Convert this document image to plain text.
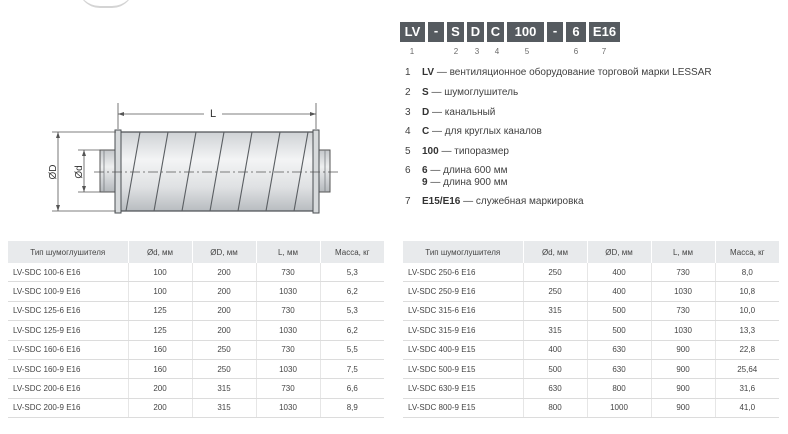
LV	- S D C	100	-	6	E16
1	2	3	4	5	6	7
1	LV — вентиляционное оборудование торговой марки LESSAR
2	S — шумоглушитель
3	D — канальный
4	C — для круглых каналов
5	100 — типоразмер
6	6 — длина 600 мм
9 — длина 900 мм
7	E15/E16 — служебная маркировка
L
ØD Ød
Тип шумоглушителя	Ød, мм	ØD, мм	L, мм	Масса, кг
LV-SDC 100-6 E16	100	200	730	5,3
LV-SDC 100-9 E16	100	200	1030	6,2
LV-SDC 125-6 E16	125	200	730	5,3
LV-SDC 125-9 E16	125	200	1030	6,2
LV-SDC 160-6 E16	160	250	730	5,5
LV-SDC 160-9 E16	160	250	1030	7,5
LV-SDC 200-6 E16	200	315	730	6,6
LV-SDC 200-9 E16	200	315	1030	8,9
Тип шумоглушителя	Ød, мм	ØD, мм	L, мм	Масса, кг
LV-SDC 250-6 E16	250	400	730	8,0
LV-SDC 250-9 E16	250	400	1030	10,8
LV-SDC 315-6 E16	315	500	730	10,0
LV-SDC 315-9 E16	315	500	1030	13,3
LV-SDC 400-9 E15	400	630	900	22,8
LV-SDC 500-9 E15	500	630	900	25,64
LV-SDC 630-9 E15	630	800	900	31,6
LV-SDC 800-9 E15	800	1000	900	41,0
